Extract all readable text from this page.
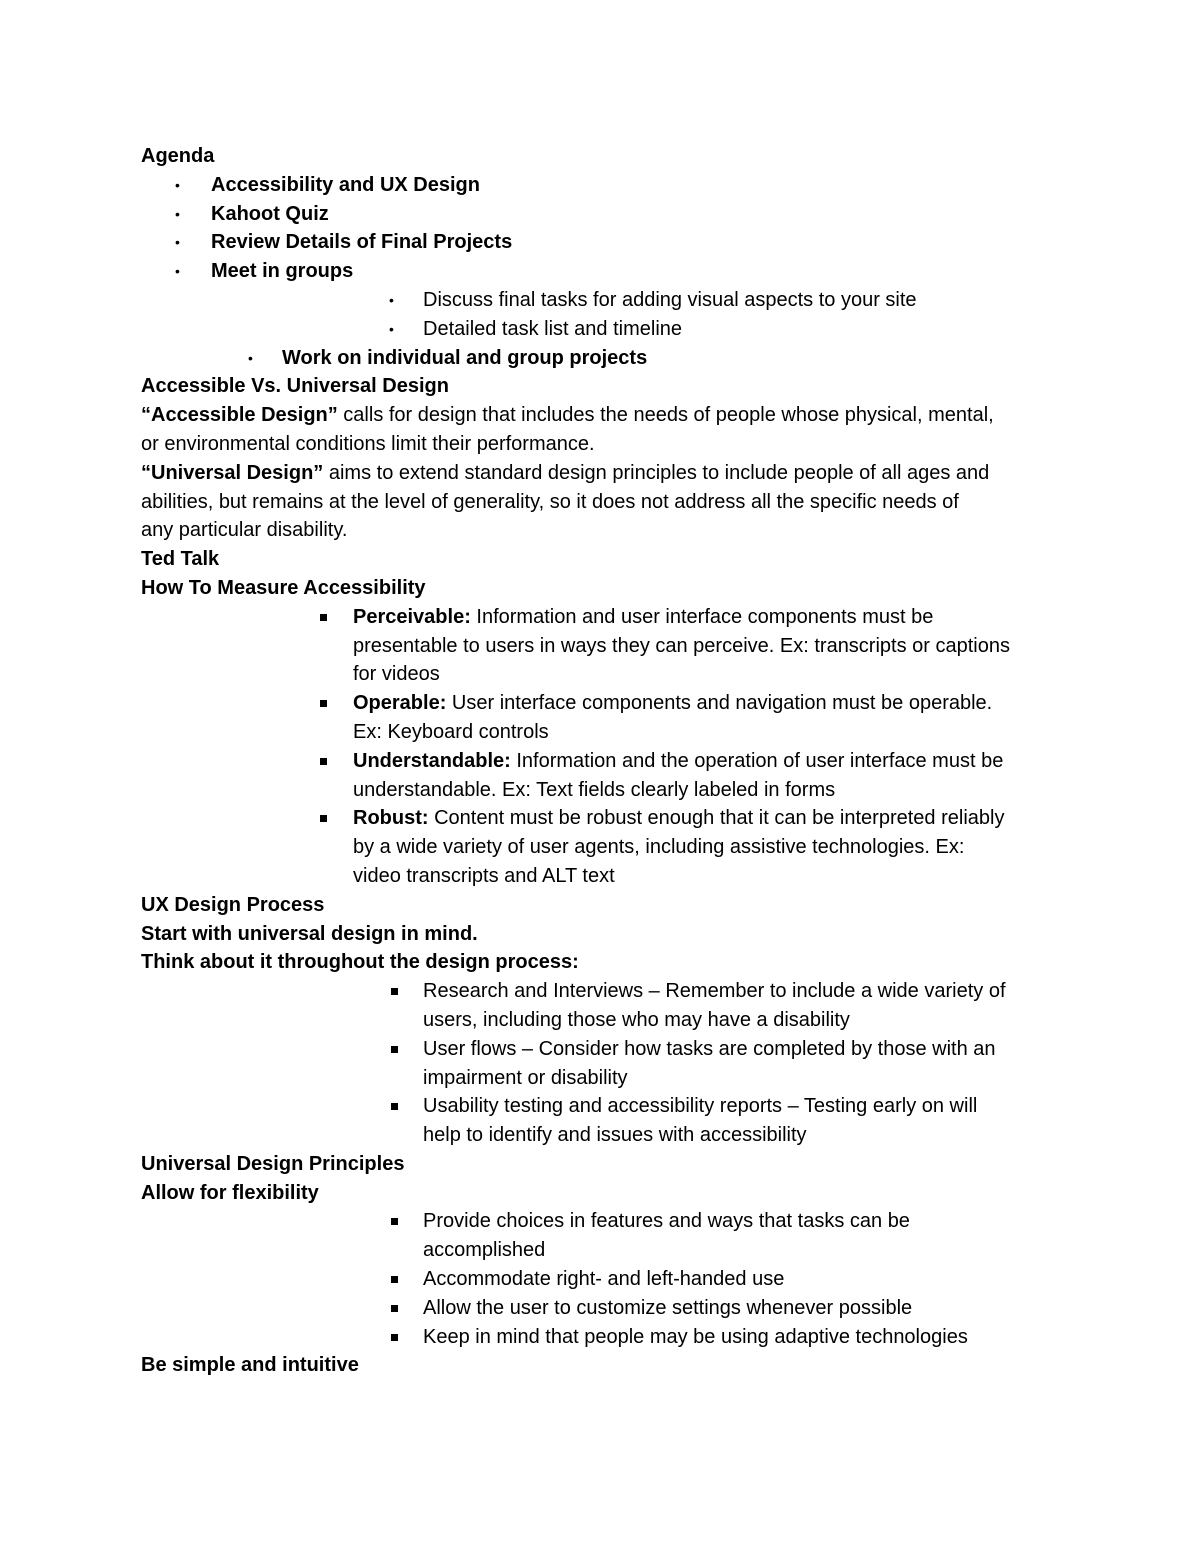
Agenda
• Accessibility and UX Design
• Kahoot Quiz
• Review Details of Final Projects
• Meet in groups
• Discuss final tasks for adding visual aspects to your site
• Detailed task list and timeline
• Work on individual and group projects
Accessible Vs. Universal Design
“Accessible Design” calls for design that includes the needs of people whose physical, mental,
or environmental conditions limit their performance.
“Universal Design” aims to extend standard design principles to include people of all ages and
abilities, but remains at the level of generality, so it does not address all the specific needs of
any particular disability.
Ted Talk
How To Measure Accessibility
Perceivable: Information and user interface components must be
presentable to users in ways they can perceive. Ex: transcripts or captions
for videos
Operable: User interface components and navigation must be operable.
Ex: Keyboard controls
Understandable: Information and the operation of user interface must be
understandable. Ex: Text fields clearly labeled in forms
Robust: Content must be robust enough that it can be interpreted reliably
by a wide variety of user agents, including assistive technologies. Ex:
video transcripts and ALT text
UX Design Process
Start with universal design in mind.
Think about it throughout the design process:
Research and Interviews – Remember to include a wide variety of
users, including those who may have a disability
User flows – Consider how tasks are completed by those with an
impairment or disability
Usability testing and accessibility reports – Testing early on will
help to identify and issues with accessibility
Universal Design Principles
Allow for flexibility
Provide choices in features and ways that tasks can be
accomplished
Accommodate right- and left-handed use
Allow the user to customize settings whenever possible
Keep in mind that people may be using adaptive technologies
Be simple and intuitive
